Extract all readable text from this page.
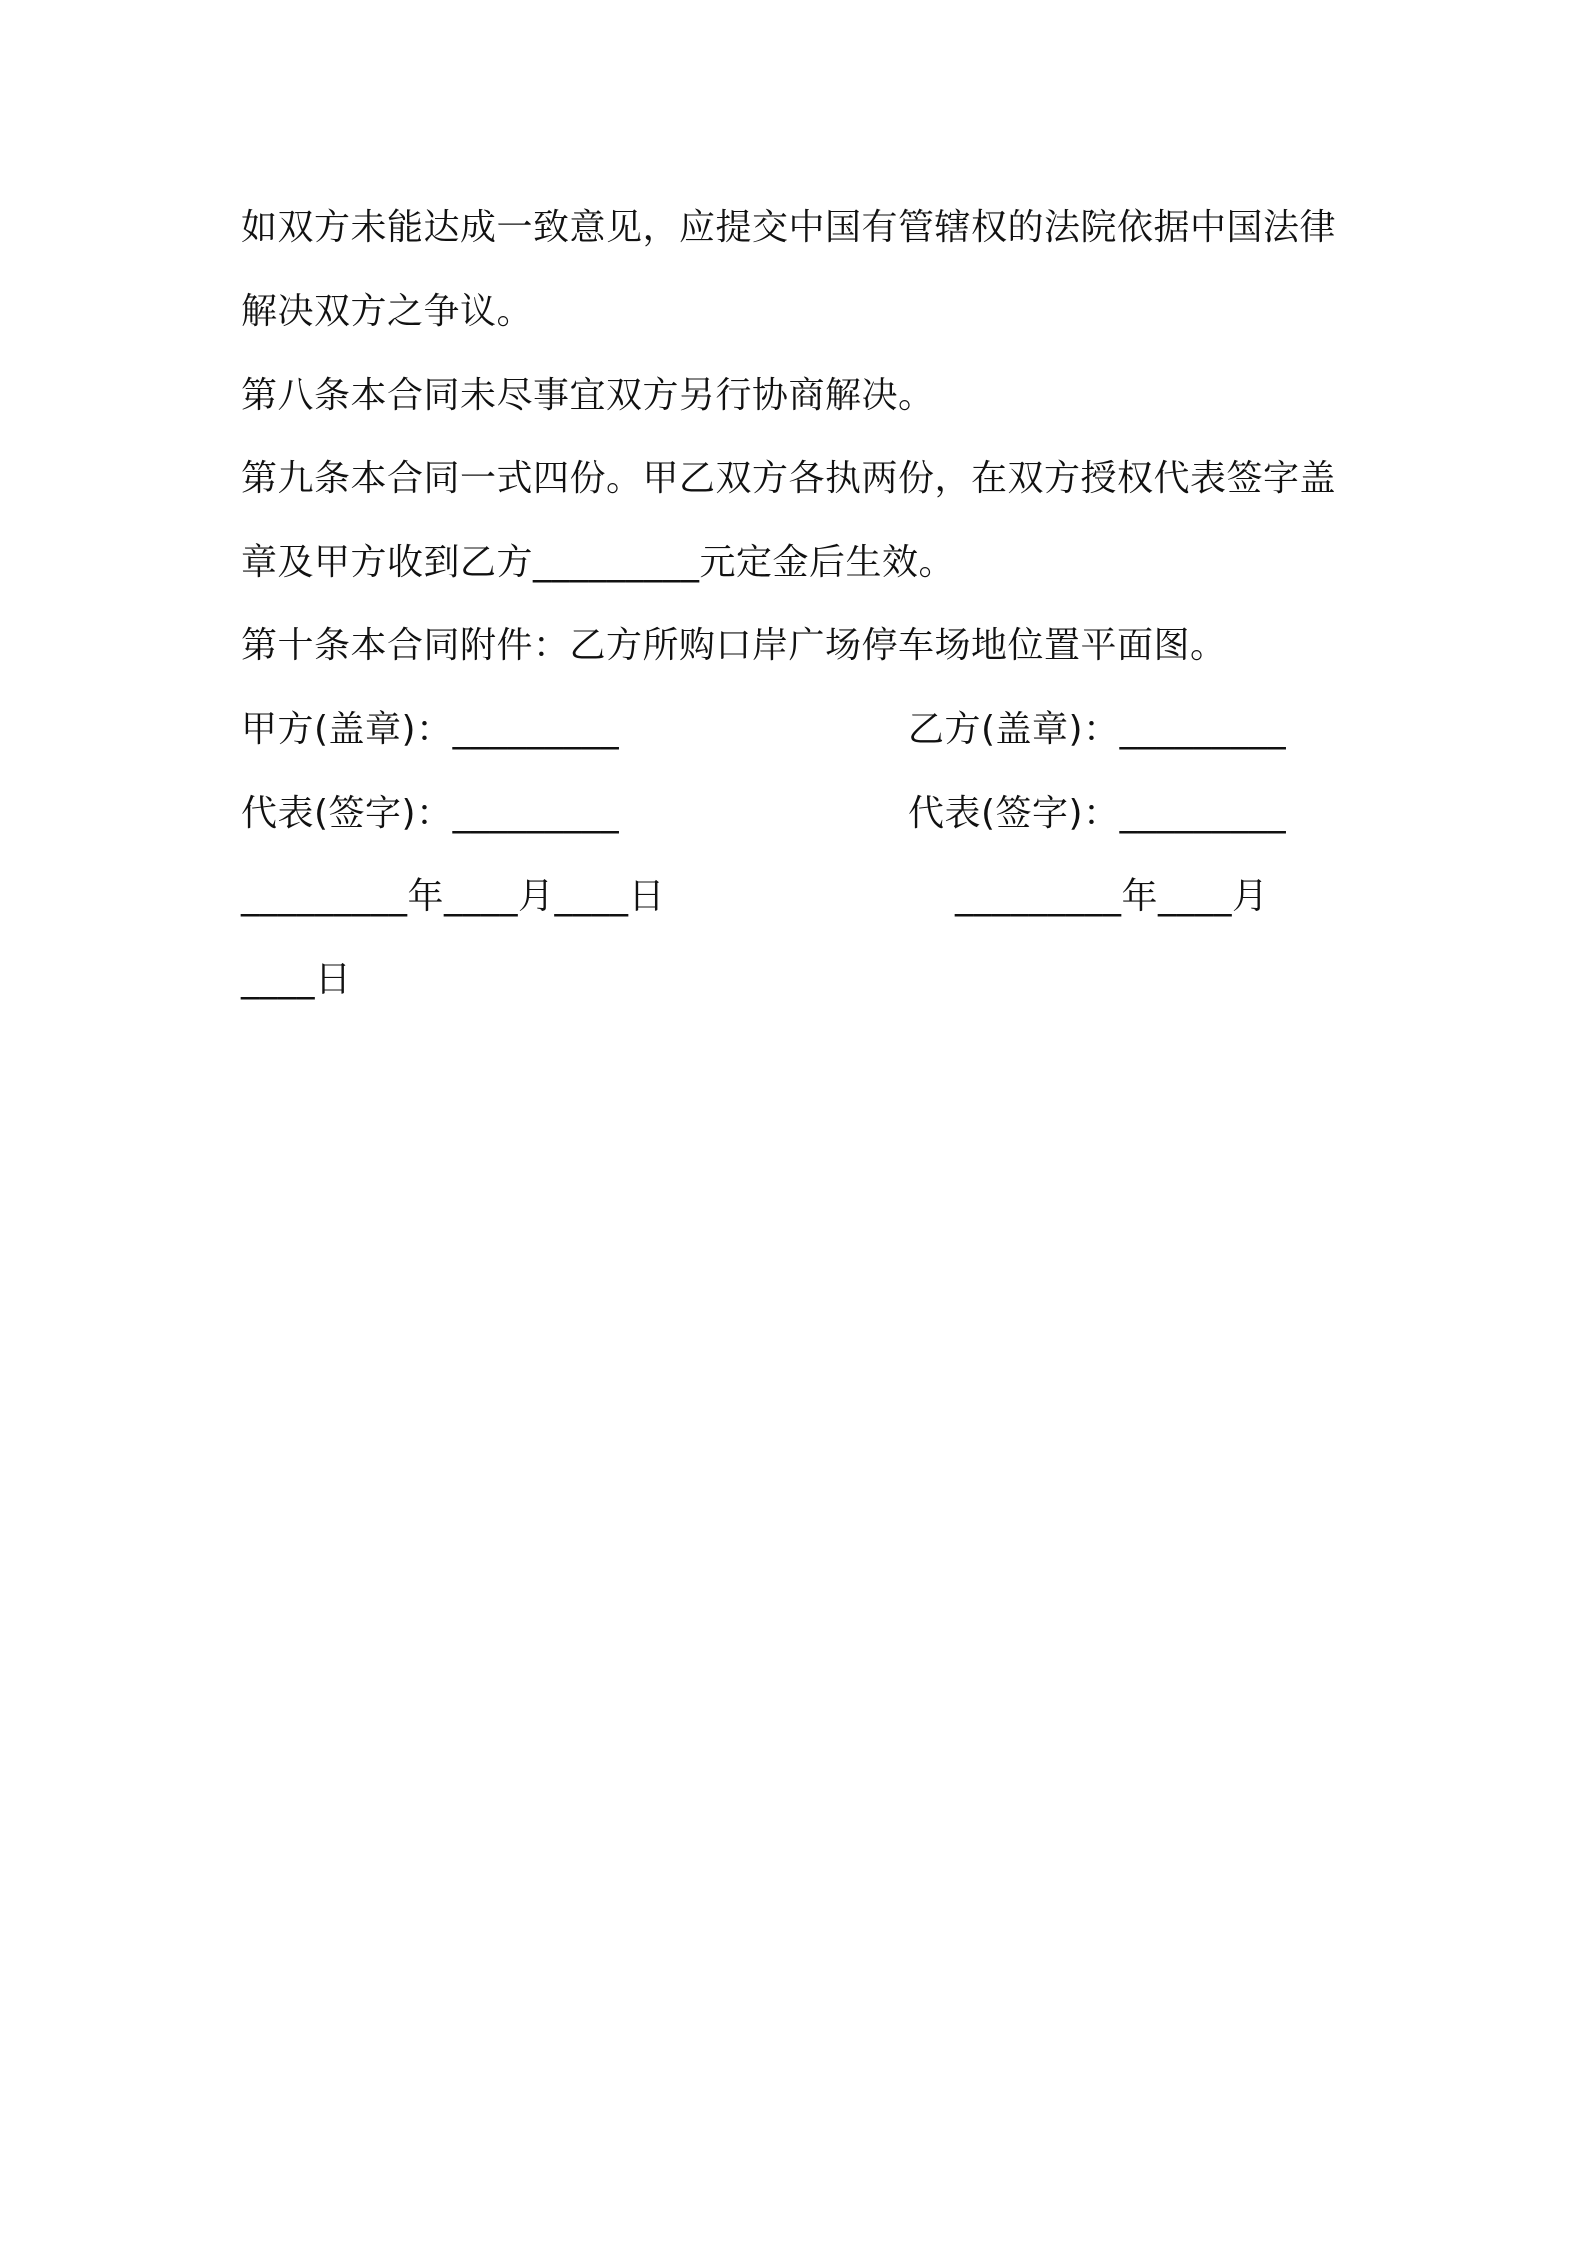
如双方未能达成一致意见，应提交中国有管辖权的法院依据中国法律
解决双方之争议。
第八条本合同未尽事宜双方另行协商解决。
第九条本合同一式四份。甲乙双方各执两份，在双方授权代表签字盖
章及甲方收到乙方_________元定金后生效。
第十条本合同附件：乙方所购口岸广场停车场地位置平面图。
甲方(盖章)：_________	乙方(盖章)：_________
代表(签字)：_________	代表(签字)：_________
_________年____月____日	_________年____月
____日
